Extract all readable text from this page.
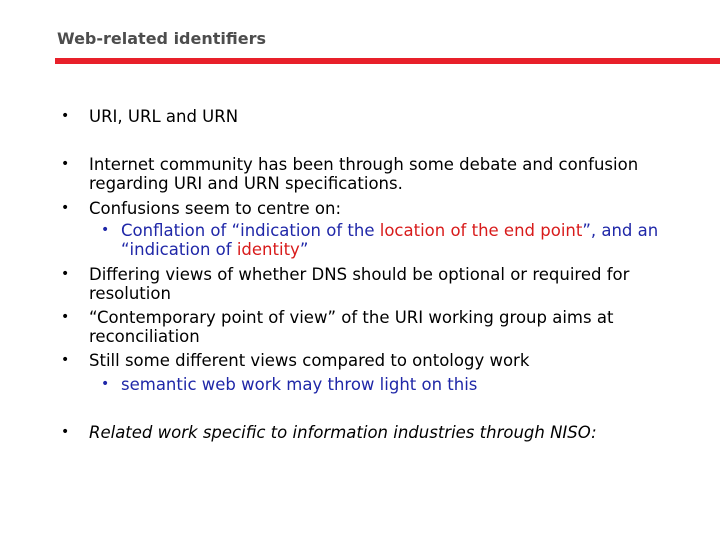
Web-related identifiers
• URI, URL and URN
• Internet community has been through some debate and confusion regarding URI and URN specifications.
• Confusions seem to centre on:
• Conflation of “indication of the location of the end point”, and an “indication of identity”
• Differing views of whether DNS should be optional or required for resolution
• “Contemporary point of view” of the URI working group aims at reconciliation
• Still some different views compared to ontology work
• semantic web work may throw light on this
• Related work specific to information industries through NISO:
